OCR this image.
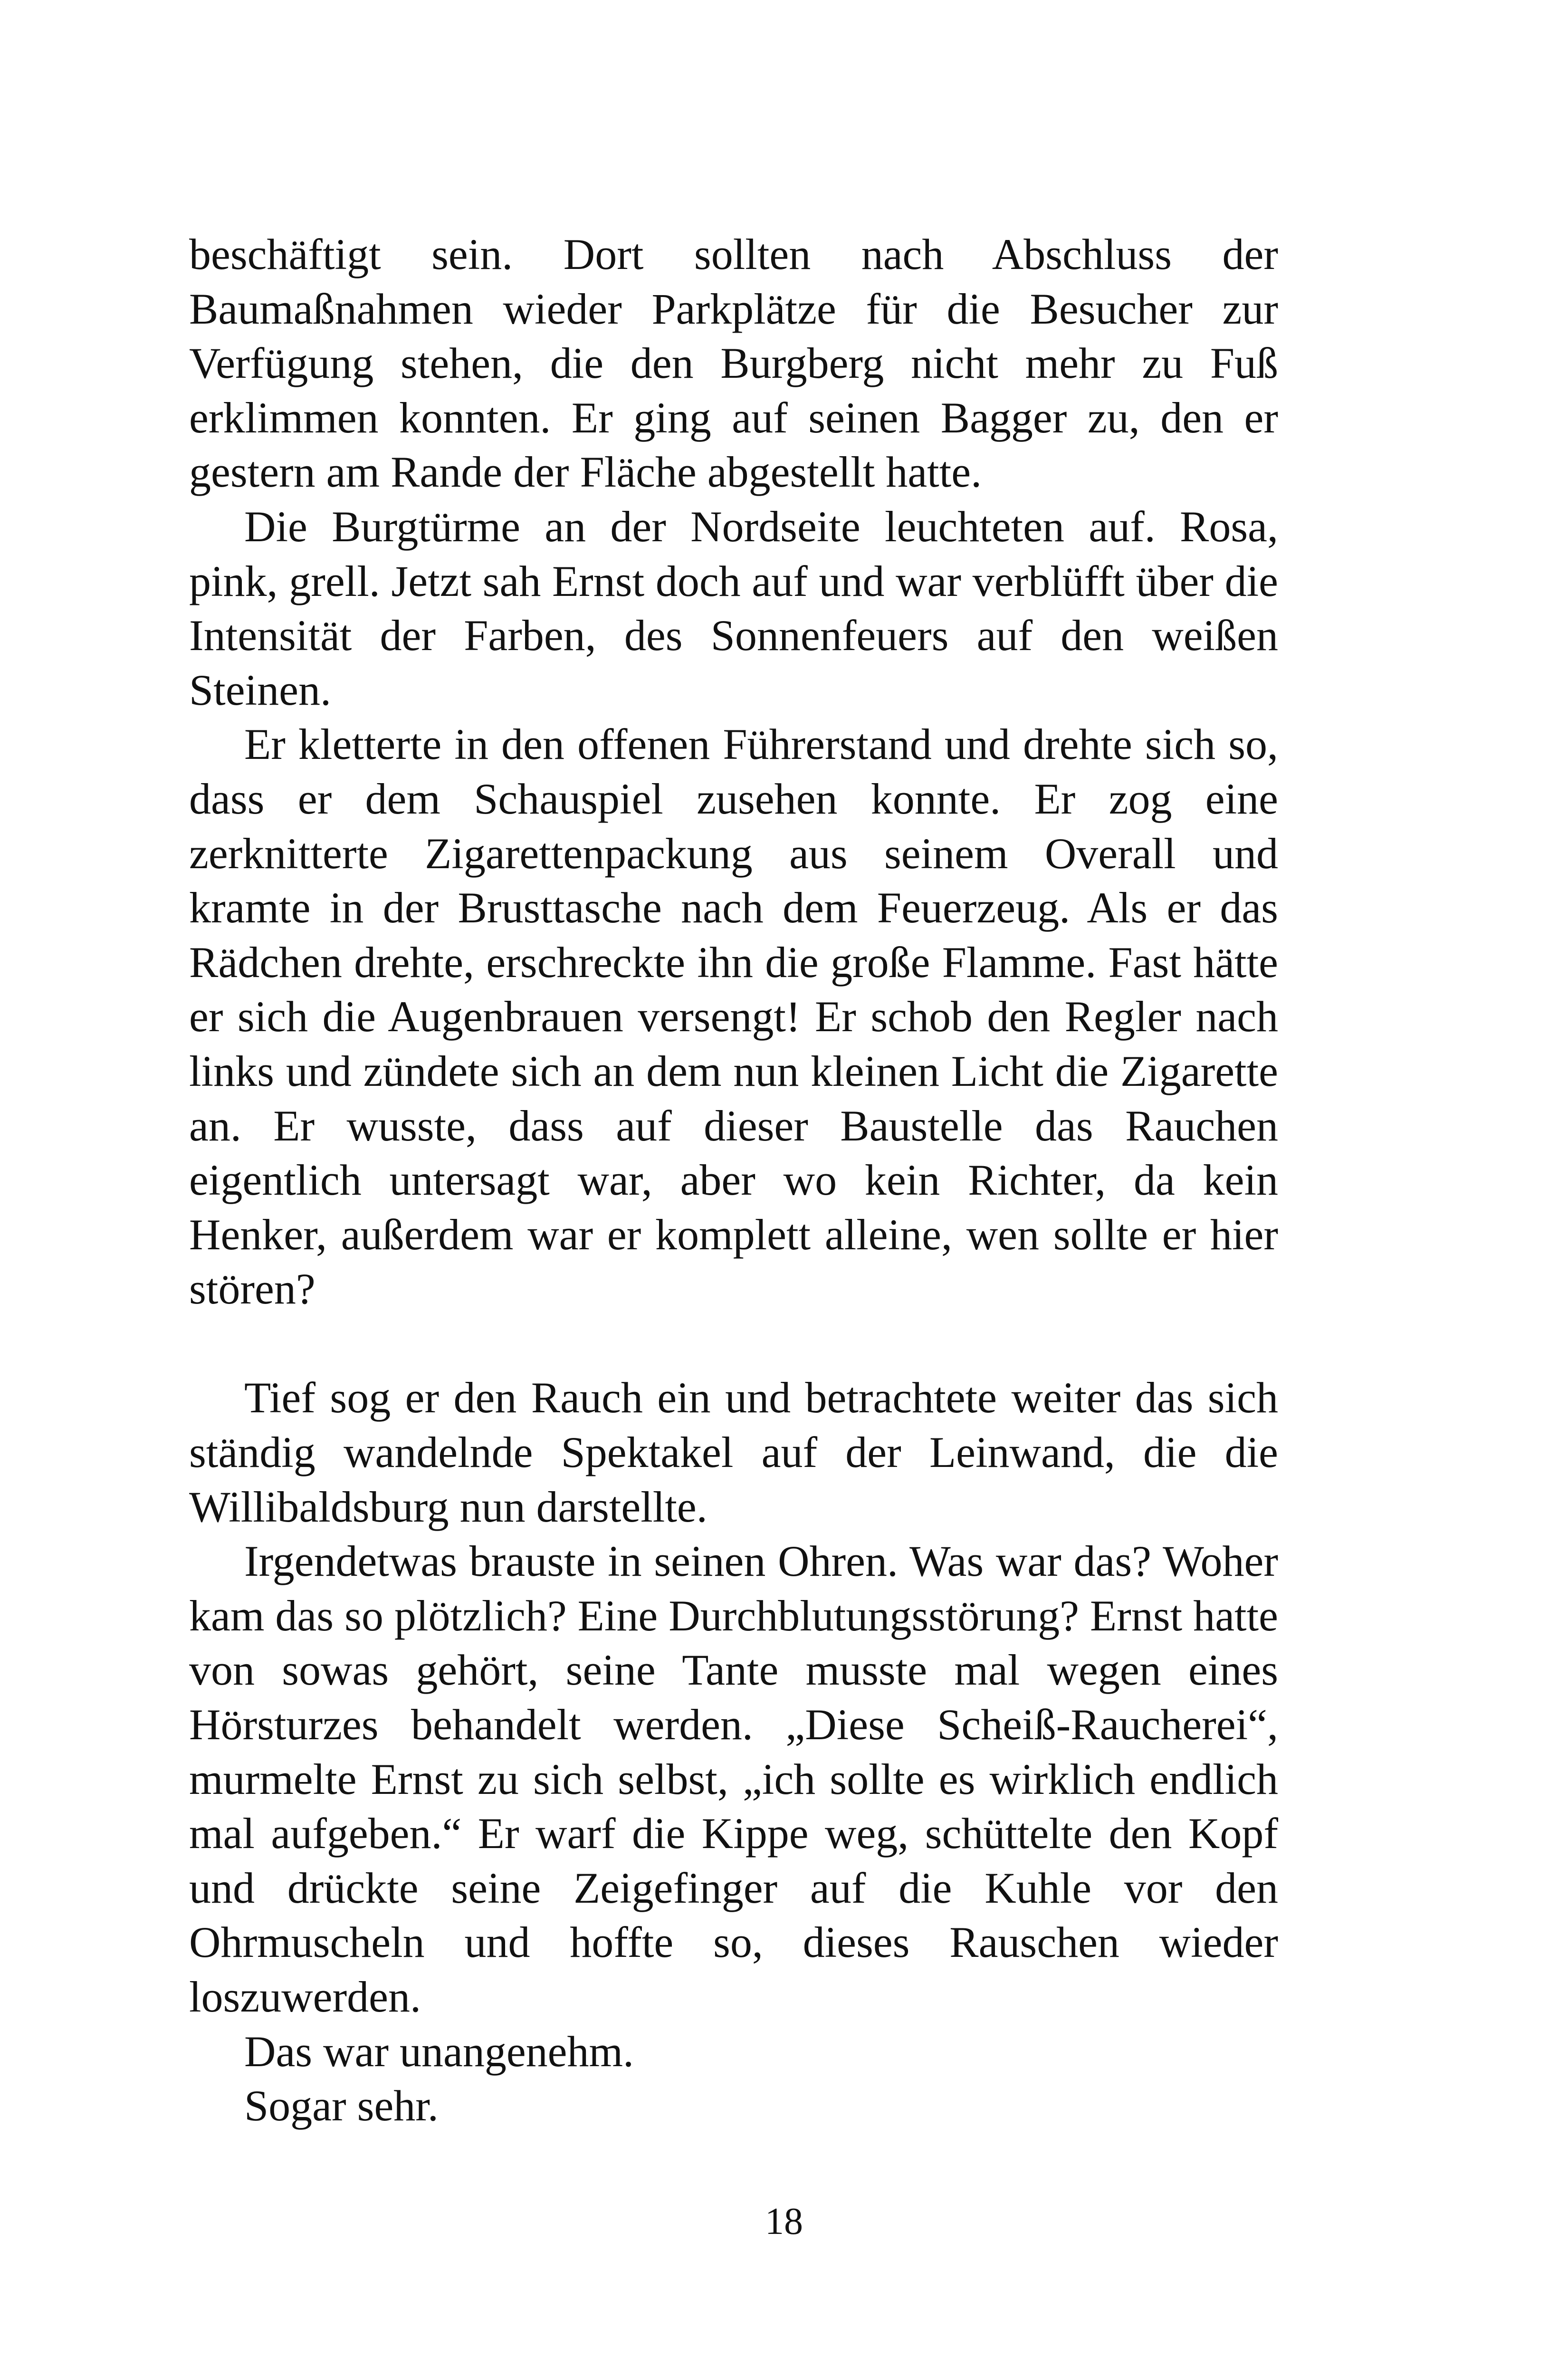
beschäftigt sein. Dort sollten nach Abschluss der Baumaßnahmen wieder Parkplätze für die Besucher zur Verfügung stehen, die den Burgberg nicht mehr zu Fuß erklimmen konnten. Er ging auf seinen Bagger zu, den er gestern am Rande der Fläche abgestellt hatte.

Die Burgtürme an der Nordseite leuchteten auf. Rosa, pink, grell. Jetzt sah Ernst doch auf und war verblüfft über die Intensität der Farben, des Sonnenfeuers auf den weißen Steinen.

Er kletterte in den offenen Führerstand und drehte sich so, dass er dem Schauspiel zusehen konnte. Er zog eine zerknitterte Zigarettenpackung aus seinem Overall und kramte in der Brusttasche nach dem Feuerzeug. Als er das Rädchen drehte, erschreckte ihn die große Flamme. Fast hätte er sich die Augenbrauen versengt! Er schob den Regler nach links und zündete sich an dem nun kleinen Licht die Zigarette an. Er wusste, dass auf dieser Baustelle das Rauchen eigentlich untersagt war, aber wo kein Richter, da kein Henker, außerdem war er komplett alleine, wen sollte er hier stören?

Tief sog er den Rauch ein und betrachtete weiter das sich ständig wandelnde Spektakel auf der Leinwand, die die Willibaldsburg nun darstellte.

Irgendetwas brauste in seinen Ohren. Was war das? Woher kam das so plötzlich? Eine Durchblutungsstörung? Ernst hatte von sowas gehört, seine Tante musste mal wegen eines Hörsturzes behandelt werden. „Diese Scheiß-Raucherei“, murmelte Ernst zu sich selbst, „ich sollte es wirklich endlich mal aufgeben.“ Er warf die Kippe weg, schüttelte den Kopf und drückte seine Zeigefinger auf die Kuhle vor den Ohrmuscheln und hoffte so, dieses Rauschen wieder loszuwerden.

Das war unangenehm.

Sogar sehr.

18
